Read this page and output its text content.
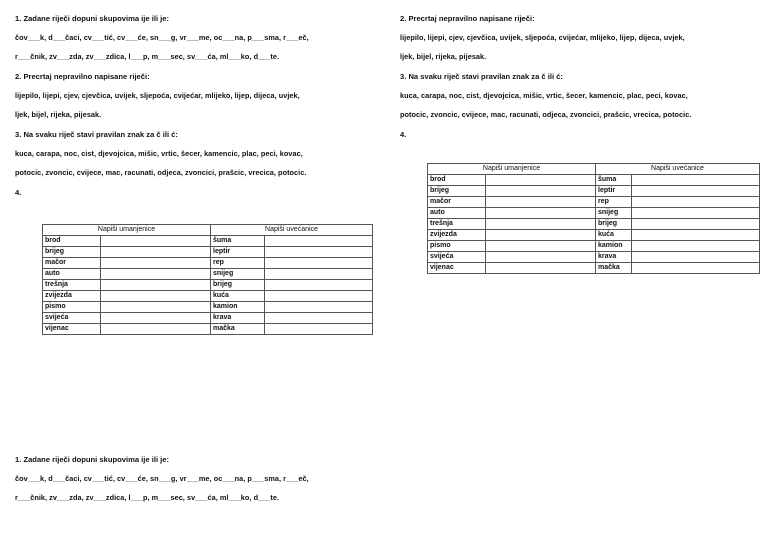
1. Zadane riječi dopuni skupovima ije ili je:

čov___k, d___čaci, cv___tić, cv___će, sn___g, vr___me, oc___na, p___sma, r___eč,

r___čnik, zv___zda, zv___zdica, l___p, m___sec, sv___ća, ml___ko, d___te.

2. Precrtaj nepravilno napisane riječi:

lijepilo, lijepi, cjev, cjevčica, uvijek, sljepoća, cvijećar, mlijeko, lijep, dijeca, uvjek,

ljek, bijel, rijeka, pijesak.

3. Na svaku riječ stavi pravilan znak za č ili ć:

kuca, carapa, noc, cist, djevojcica, mišic, vrtic, šecer, kamencic, plac, peci, kovac,

potocic, zvoncic, cvijece, mac, racunati, odjeca, zvoncici, prašcic, vrecica, potocic.

4.

Napiši umanjenice		Napiši uvećanice	
brod		šuma	
brijeg		leptir	
mačor		rep	
auto		snijeg	
trešnja		brijeg	
zvijezda		kuća	
pismo		kamion	
svijeća		krava	
vijenac		mačka	

2. Precrtaj nepravilno napisane riječi:

lijepilo, lijepi, cjev, cjevčica, uvijek, sljepoća, cvijećar, mlijeko, lijep, dijeca, uvjek,

ljek, bijel, rijeka, pijesak.

3. Na svaku riječ stavi pravilan znak za č ili ć:

kuca, carapa, noc, cist, djevojcica, mišic, vrtic, šecer, kamencic, plac, peci, kovac,

potocic, zvoncic, cvijece, mac, racunati, odjeca, zvoncici, prašcic, vrecica, potocic.

4.

Napiši umanjenice		Napiši uvećanice	
brod		šuma	
brijeg		leptir	
mačor		rep	
auto		snijeg	
trešnja		brijeg	
zvijezda		kuća	
pismo		kamion	
svijeća		krava	
vijenac		mačka	

1. Zadane riječi dopuni skupovima ije ili je:

čov___k, d___čaci, cv___tić, cv___će, sn___g, vr___me, oc___na, p___sma, r___eč,

r___čnik, zv___zda, zv___zdica, l___p, m___sec, sv___ća, ml___ko, d___te.
